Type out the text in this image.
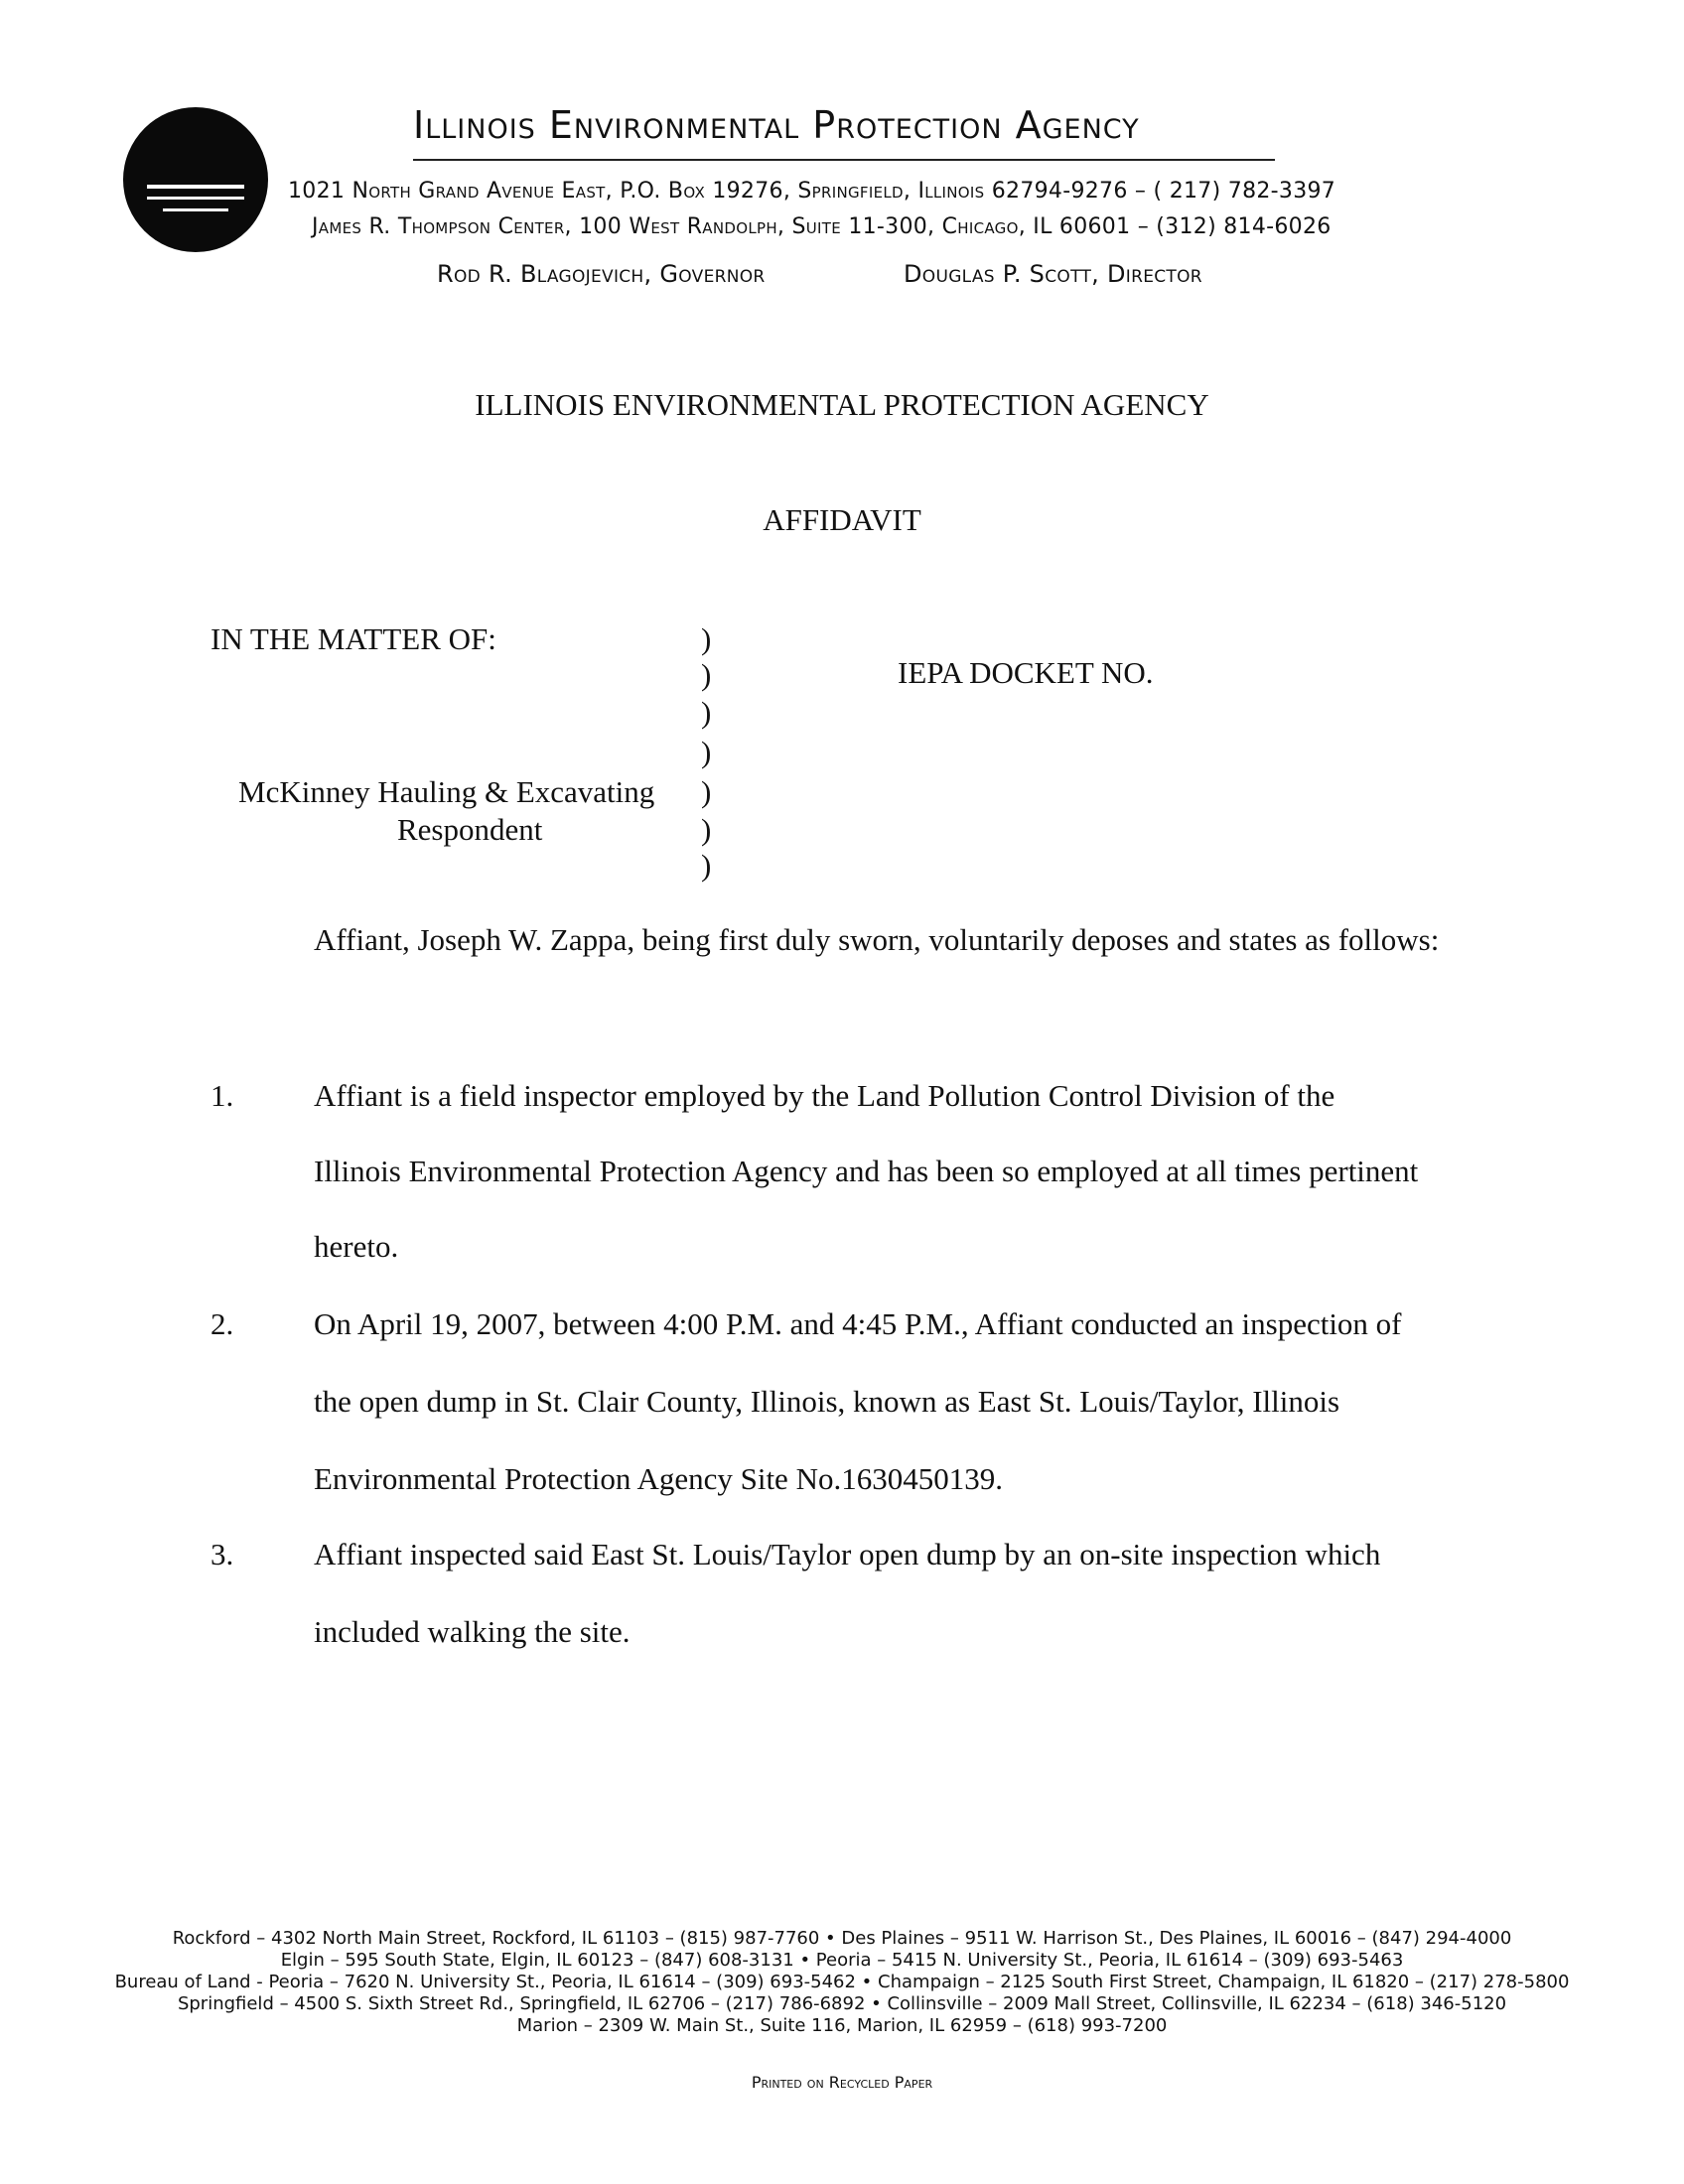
Illinois Environmental Protection Agency
1021 North Grand Avenue East, P.O. Box 19276, Springfield, Illinois 62794-9276 – ( 217) 782-3397
James R. Thompson Center, 100 West Randolph, Suite 11-300, Chicago, IL 60601 – (312) 814-6026
Rod R. Blagojevich, Governor	Douglas P. Scott, Director
ILLINOIS ENVIRONMENTAL PROTECTION AGENCY
AFFIDAVIT
IN THE MATTER OF:	)
)
)
)
)
)
)
IEPA DOCKET NO.
McKinney Hauling & Excavating
Respondent
Affiant, Joseph W. Zappa, being first duly sworn, voluntarily deposes and states as follows:
1.	Affiant is a field inspector employed by the Land Pollution Control Division of the
Illinois Environmental Protection Agency and has been so employed at all times pertinent
hereto.
2.	On April 19, 2007, between 4:00 P.M. and 4:45 P.M., Affiant conducted an inspection of
the open dump in St. Clair County, Illinois, known as East St. Louis/Taylor, Illinois
Environmental Protection Agency Site No.1630450139.
3.	Affiant inspected said East St. Louis/Taylor open dump by an on-site inspection which
included walking the site.
Rockford – 4302 North Main Street, Rockford, IL 61103 – (815) 987-7760 • Des Plaines – 9511 W. Harrison St., Des Plaines, IL 60016 – (847) 294-4000
Elgin – 595 South State, Elgin, IL 60123 – (847) 608-3131 • Peoria – 5415 N. University St., Peoria, IL 61614 – (309) 693-5463
Bureau of Land - Peoria – 7620 N. University St., Peoria, IL 61614 – (309) 693-5462 • Champaign – 2125 South First Street, Champaign, IL 61820 – (217) 278-5800
Springfield – 4500 S. Sixth Street Rd., Springfield, IL 62706 – (217) 786-6892 • Collinsville – 2009 Mall Street, Collinsville, IL 62234 – (618) 346-5120
Marion – 2309 W. Main St., Suite 116, Marion, IL 62959 – (618) 993-7200
Printed on Recycled Paper
